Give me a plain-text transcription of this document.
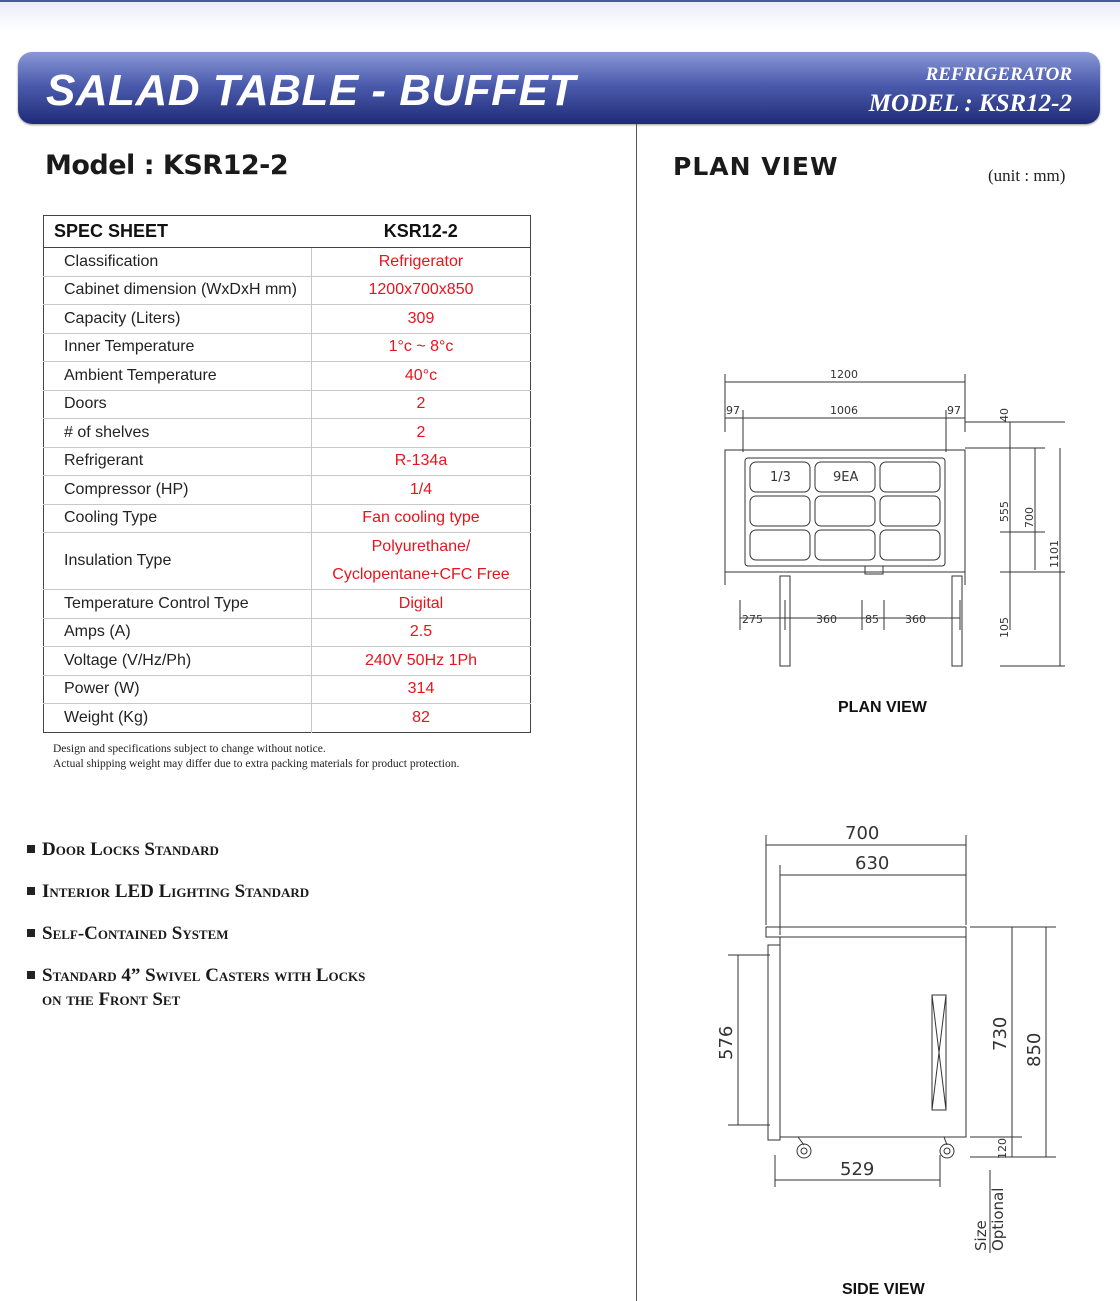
SALAD TABLE - BUFFET	REFRIGERATOR
MODEL : KSR12-2
Model : KSR12-2	PLAN VIEW	(unit : mm)
SPEC SHEET	KSR12-2
Classification	Refrigerator
Cabinet dimension (WxDxH mm)	1200x700x850
Capacity (Liters)	309
Inner Temperature	1°c ~ 8°c
Ambient Temperature	40°c
Doors	2
# of shelves	2
Refrigerant	R-134a
Compressor (HP)	1/4
Cooling Type	Fan cooling type
Insulation Type	Polyurethane/
Cyclopentane+CFC Free

Temperature Control Type	Digital
Amps (A)	2.5
Voltage (V/Hz/Ph)	240V 50Hz 1Ph
Power (W)	314
Weight (Kg)	82
Design and specifications subject to change without notice.
Actual shipping weight may differ due to extra packing materials for product protection.
Door Locks Standard
Interior LED Lighting Standard
Self-Contained System
Standard 4” Swivel Casters with Locks
on the Front Set
1200
97	1006	97
275	360	85 360
40
555 700
1101
105
1/3	9EA
PLAN VIEW
700
630
529
576	730 850
120
Size Optional
SIDE VIEW
